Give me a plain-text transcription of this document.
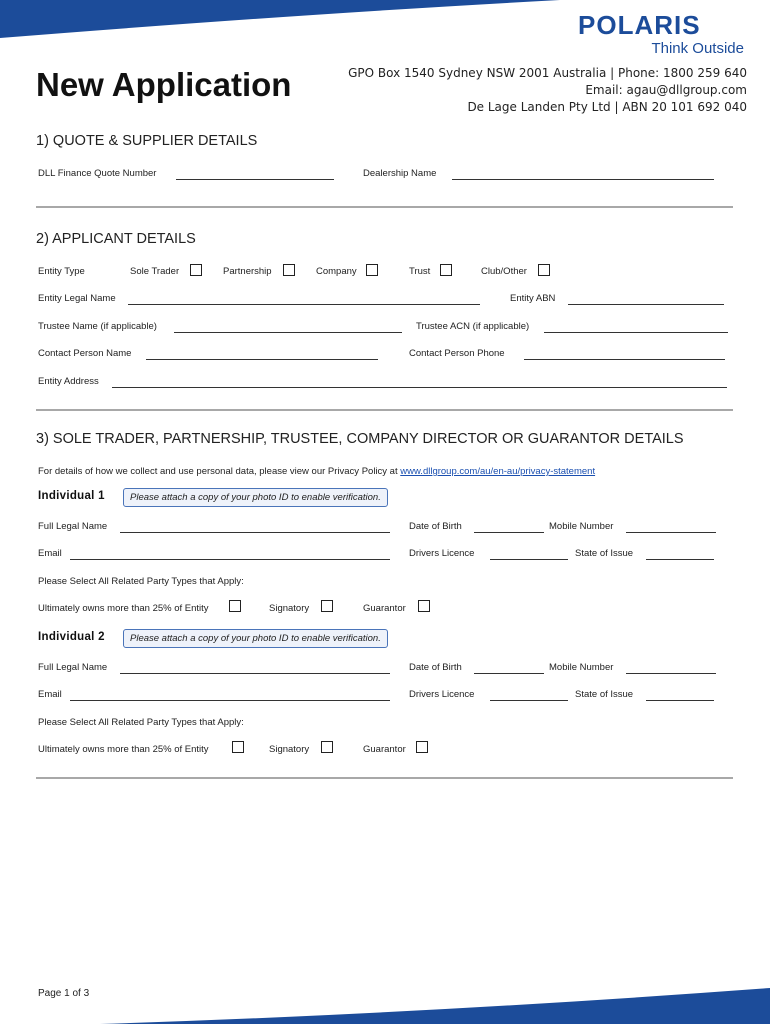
POLARIS
Think Outside
New Application	GPO Box 1540 Sydney NSW 2001 Australia | Phone: 1800 259 640
Email: agau@dllgroup.com
De Lage Landen Pty Ltd | ABN 20 101 692 040
1) QUOTE & SUPPLIER DETAILS
DLL Finance Quote Number	Dealership Name
2) APPLICANT DETAILS
Entity Type	Sole Trader	Partnership	Company	Trust	Club/Other
Entity Legal Name	Entity ABN
Trustee Name (if applicable)	Trustee ACN (if applicable)
Contact Person Name	Contact Person Phone
Entity Address
3) SOLE TRADER, PARTNERSHIP, TRUSTEE, COMPANY DIRECTOR OR GUARANTOR DETAILS
For details of how we collect and use personal data, please view our Privacy Policy at www.dllgroup.com/au/en-au/privacy-statement
Individual 1	Please attach a copy of your photo ID to enable verification.
Full Legal Name	Date of Birth	Mobile Number
Email	Drivers Licence	State of Issue
Please Select All Related Party Types that Apply:
Ultimately owns more than 25% of Entity	Signatory	Guarantor
Individual 2	Please attach a copy of your photo ID to enable verification.
Full Legal Name	Date of Birth	Mobile Number
Email	Drivers Licence	State of Issue
Please Select All Related Party Types that Apply:
Ultimately owns more than 25% of Entity	Signatory	Guarantor
Page 1 of 3
